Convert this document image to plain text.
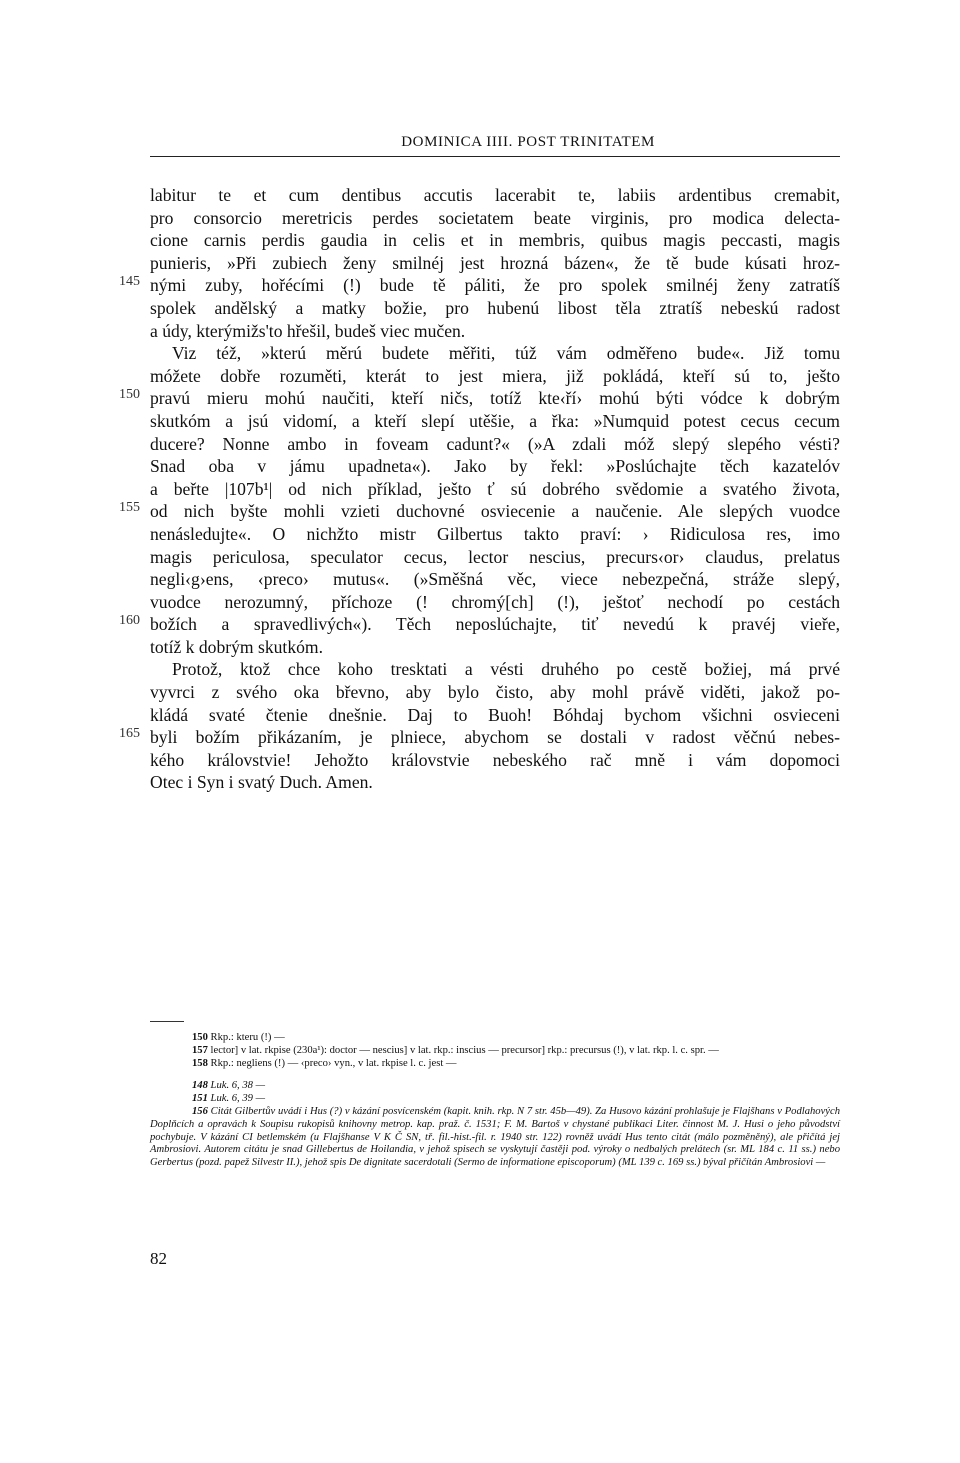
DOMINICA IIII. POST TRINITATEM
145
150
155
160
165
labitur te et cum dentibus accutis lacerabit te, labiis ardentibus cremabit,
pro consorcio meretricis perdes societatem beate virginis, pro modica delecta-
cione carnis perdis gaudia in celis et in membris, quibus magis peccasti, magis
punieris, »Při zubiech ženy smilnéj jest hrozná bázen«, že tě bude kúsati hroz-
nými zuby, hořécími (!) bude tě páliti, že pro spolek smilnéj ženy zatratíš
spolek andělský a matky božie, pro hubenú libost těla ztratíš nebeskú radost
a údy, kterýmižs'to hřešil, budeš viec mučen.
Viz též, »kterú měrú budete měřiti, túž vám odměřeno bude«. Již tomu
móžete dobře rozuměti, kterát to jest miera, již pokládá, kteří sú to, ješto
pravú mieru mohú naučiti, kteří ničs, totíž kte‹ří› mohú býti vódce k dobrým
skutkóm a jsú vidomí, a kteří slepí utěšie, a řka: »Numquid potest cecus cecum
ducere? Nonne ambo in foveam cadunt?« (»A zdali móž slepý slepého vésti?
Snad oba v jámu upadneta«). Jako by řekl: »Poslúchajte těch kazatelóv
a beřte |107b¹| od nich příklad, ješto ť sú dobrého svědomie a svatého života,
od nich byšte mohli vzieti duchovné osviecenie a naučenie. Ale slepých vuodce
nenásledujte«. O nichžto mistr Gilbertus takto praví: › Ridiculosa res, imo
magis periculosa, speculator cecus, lector nescius, precurs‹or› claudus, prelatus
negli‹g›ens, ‹preco› mutus«. (»Směšná věc, viece nebezpečná, stráže slepý,
vuodce nerozumný, příchoze (! chromý[ch] (!), ještoť nechodí po cestách
božích a spravedlivých«). Těch neposlúchajte, tiť nevedú k pravéj vieře,
totíž k dobrým skutkóm.
Protož, ktož chce koho tresktati a vésti druhého po cestě božiej, má prvé
vyvrci z svého oka břevno, aby bylo čisto, aby mohl právě viděti, jakož po-
kládá svaté čtenie dnešnie. Daj to Buoh! Bóhdaj bychom všichni osvieceni
byli božím přikázaním, je plniece, abychom se dostali v radost věčnú nebes-
kého královstvie! Jehožto královstvie nebeského rač mně i vám dopomoci
Otec i Syn i svatý Duch. Amen.
150 Rkp.: kteru (!) —
157 lector] v lat. rkpise (230a¹): doctor — nescius] v lat. rkp.: inscius — precursor] rkp.: precursus (!), v lat. rkp. l. c. spr. —
158 Rkp.: negliens (!) — ‹preco› vyn., v lat. rkpise l. c. jest —
148 Luk. 6, 38 —
151 Luk. 6, 39 —
156 Citát Gilbertův uvádí i Hus (?) v kázání posvícenském (kapit. knih. rkp. N 7 str. 45b—49). Za Husovo kázání prohlašuje je Flajšhans v Podlahových Doplňcích a opravách k Soupisu rukopisů knihovny metrop. kap. praž. č. 1531; F. M. Bartoš v chystané publikaci Liter. činnost M. J. Husi o jeho původství pochybuje. V kázání CI betlemském (u Flajšhanse V K Č SN, tř. fil.-hist.-fil. r. 1940 str. 122) rovněž uvádí Hus tento citát (málo pozměněný), ale přičítá jej Ambrosiovi. Autorem citátu je snad Gillebertus de Hoilandia, v jehož spisech se vyskytují častěji pod. výroky o nedbalých prelátech (sr. ML 184 c. 11 ss.) nebo Gerbertus (pozd. papež Silvestr II.), jehož spis De dignitate sacerdotali (Sermo de informatione episcoporum) (ML 139 c. 169 ss.) býval přičítán Ambrosiovi —
82
